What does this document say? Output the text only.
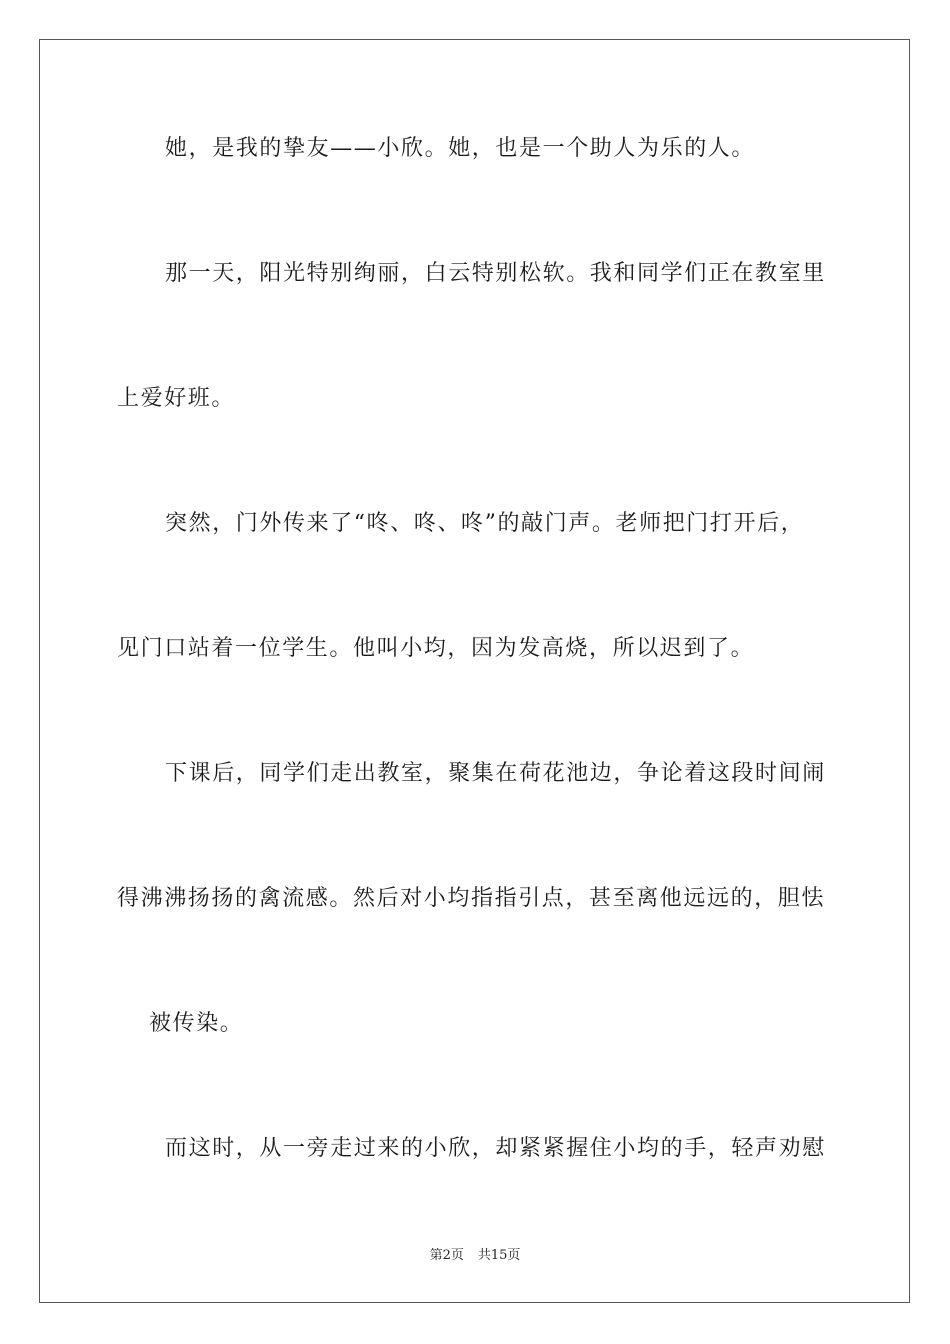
她，是我的挚友——小欣。她，也是一个助人为乐的人。
那一天，阳光特别绚丽，白云特别松软。我和同学们正在教室里
上爱好班。
突然，门外传来了“咚、咚、咚”的敲门声。老师把门打开后，
见门口站着一位学生。他叫小均，因为发高烧，所以迟到了。
下课后，同学们走出教室，聚集在荷花池边，争论着这段时间闹
得沸沸扬扬的禽流感。然后对小均指指引点，甚至离他远远的，胆怯
被传染。
而这时，从一旁走过来的小欣，却紧紧握住小均的手，轻声劝慰
第2页 共15页
